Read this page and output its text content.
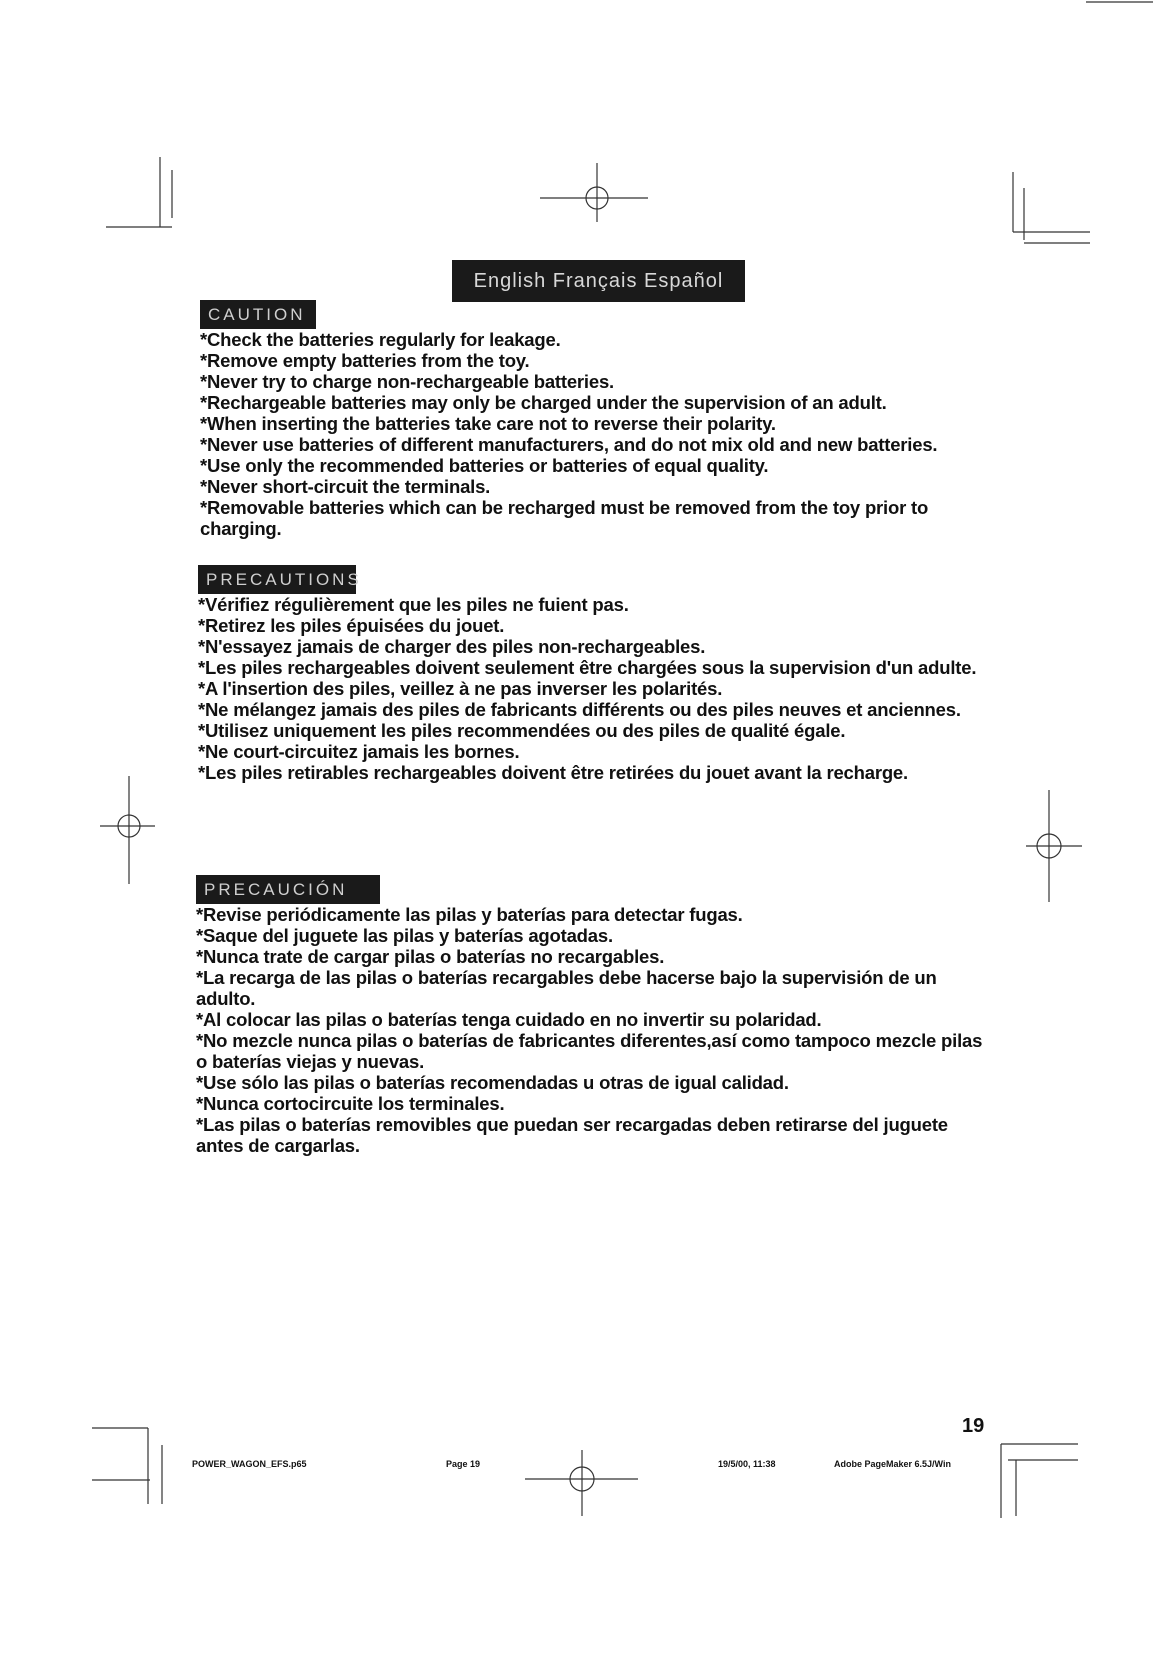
English Français Español
CAUTION
*Check the batteries regularly for leakage.
*Remove empty batteries from the toy.
*Never try to charge non-rechargeable batteries.
*Rechargeable batteries may only be charged under the supervision of an adult.
*When inserting the batteries take care not to reverse their polarity.
*Never use batteries of different manufacturers, and do not mix old and new batteries.
*Use only the recommended batteries or batteries of equal quality.
*Never short-circuit the terminals.
*Removable batteries which can be recharged must be removed from the toy prior to charging.
PRECAUTIONS
*Vérifiez régulièrement que les piles ne fuient pas.
*Retirez les piles épuisées du jouet.
*N'essayez jamais de charger des piles non-rechargeables.
*Les piles rechargeables doivent seulement être chargées sous la supervision d'un adulte.
*A l'insertion des piles, veillez à ne pas inverser les polarités.
*Ne mélangez jamais des piles de fabricants différents ou des piles neuves et anciennes.
*Utilisez uniquement les piles recommendées ou des piles de qualité égale.
*Ne court-circuitez jamais les bornes.
*Les piles retirables rechargeables doivent être retirées du jouet avant la recharge.
PRECAUCIÓN
*Revise periódicamente las pilas y baterías para detectar fugas.
*Saque del juguete las pilas y baterías agotadas.
*Nunca trate de cargar pilas o baterías no recargables.
*La recarga de las pilas o baterías recargables debe hacerse bajo la supervisión de un adulto.
*Al colocar las pilas o baterías tenga cuidado en no invertir su polaridad.
*No mezcle nunca pilas o baterías de fabricantes diferentes,así como tampoco mezcle pilas o baterías viejas y nuevas.
*Use sólo las pilas o baterías recomendadas u otras de igual calidad.
*Nunca cortocircuite los terminales.
*Las pilas o baterías removibles que puedan ser recargadas deben retirarse del juguete antes de cargarlas.
19
POWER_WAGON_EFS.p65	Page 19	19/5/00, 11:38	Adobe PageMaker 6.5J/Win
